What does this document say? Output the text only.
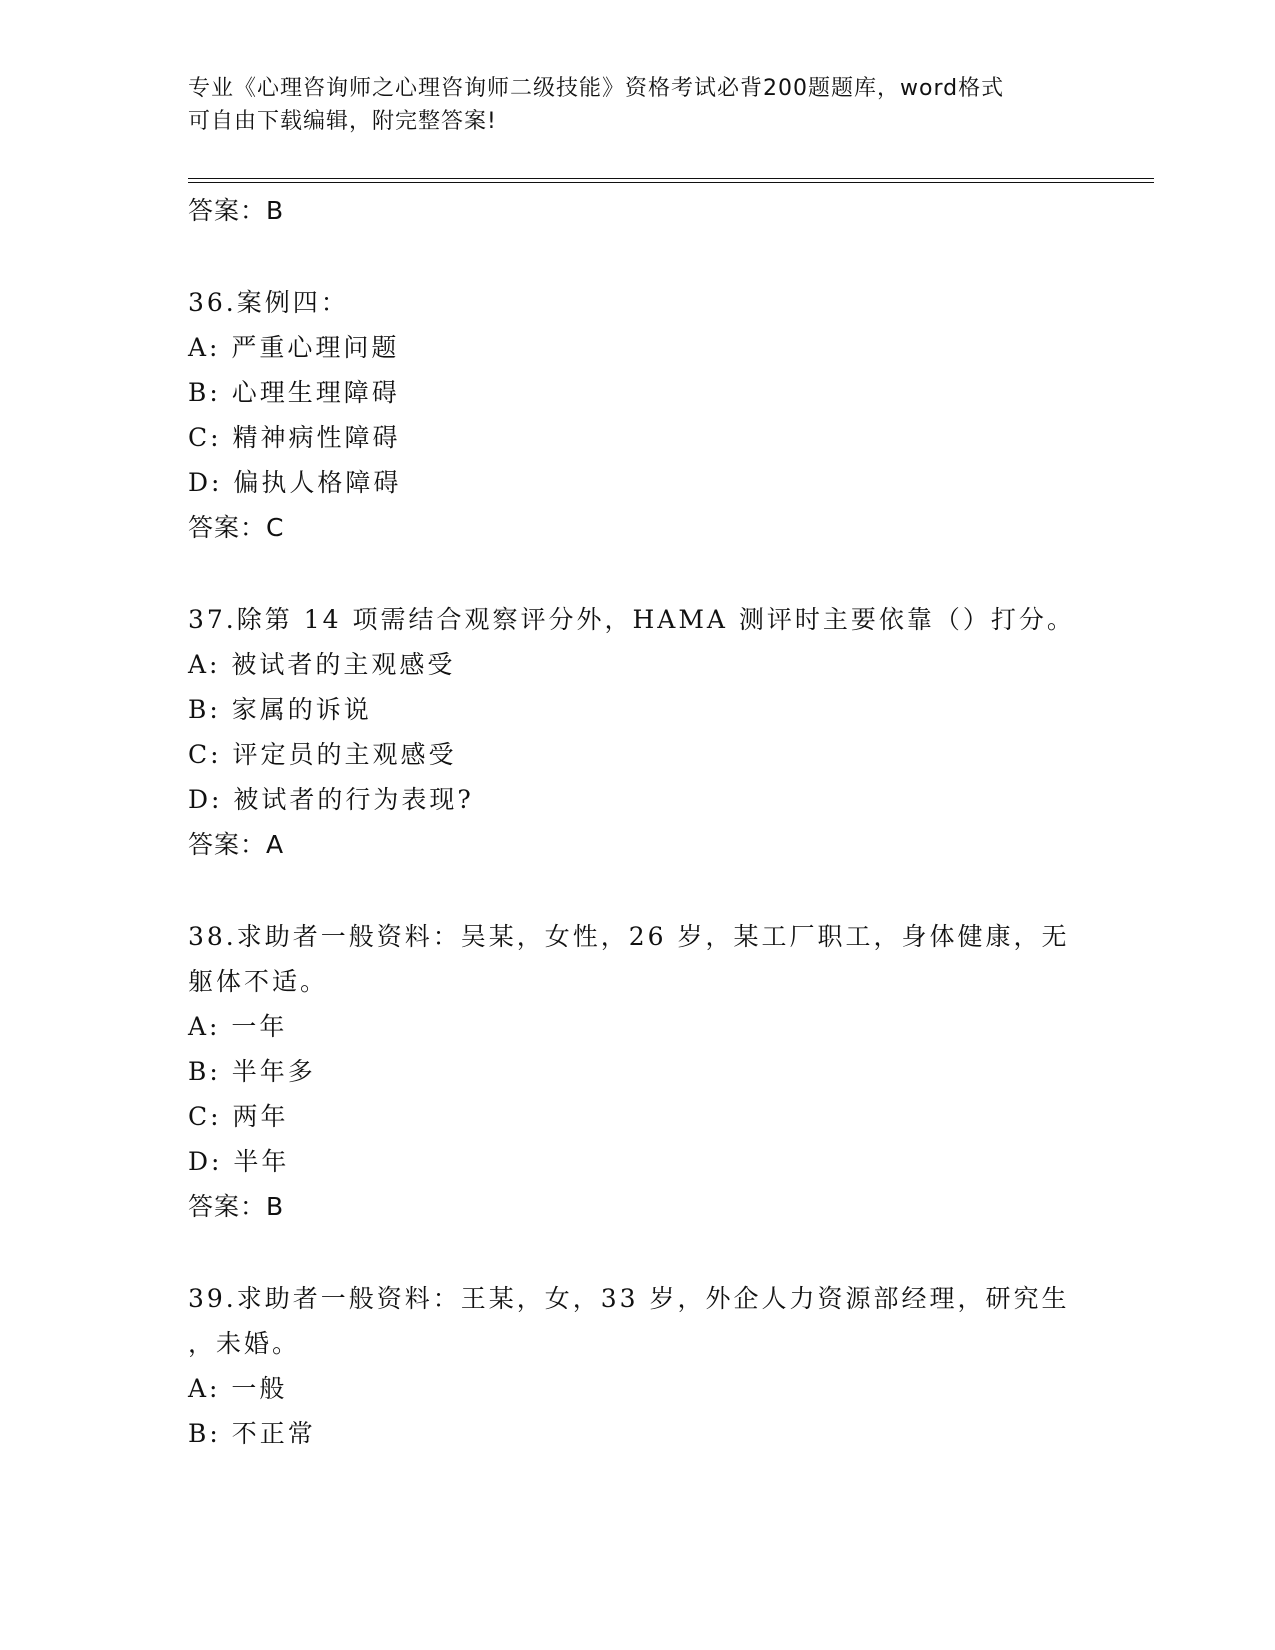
专业《心理咨询师之心理咨询师二级技能》资格考试必背200题题库，word格式
可自由下载编辑，附完整答案!
答案：B
36.案例四：
A: 严重心理问题
B: 心理生理障碍
C: 精神病性障碍
D: 偏执人格障碍
答案：C
37.除第 14 项需结合观察评分外，HAMA 测评时主要依靠（）打分。
A: 被试者的主观感受
B: 家属的诉说
C: 评定员的主观感受
D: 被试者的行为表现?
答案：A
38.求助者一般资料：吴某，女性，26 岁，某工厂职工，身体健康，无
躯体不适。
A: 一年
B: 半年多
C: 两年
D: 半年
答案：B
39.求助者一般资料：王某，女，33 岁，外企人力资源部经理，研究生
，未婚。
A: 一般
B: 不正常
